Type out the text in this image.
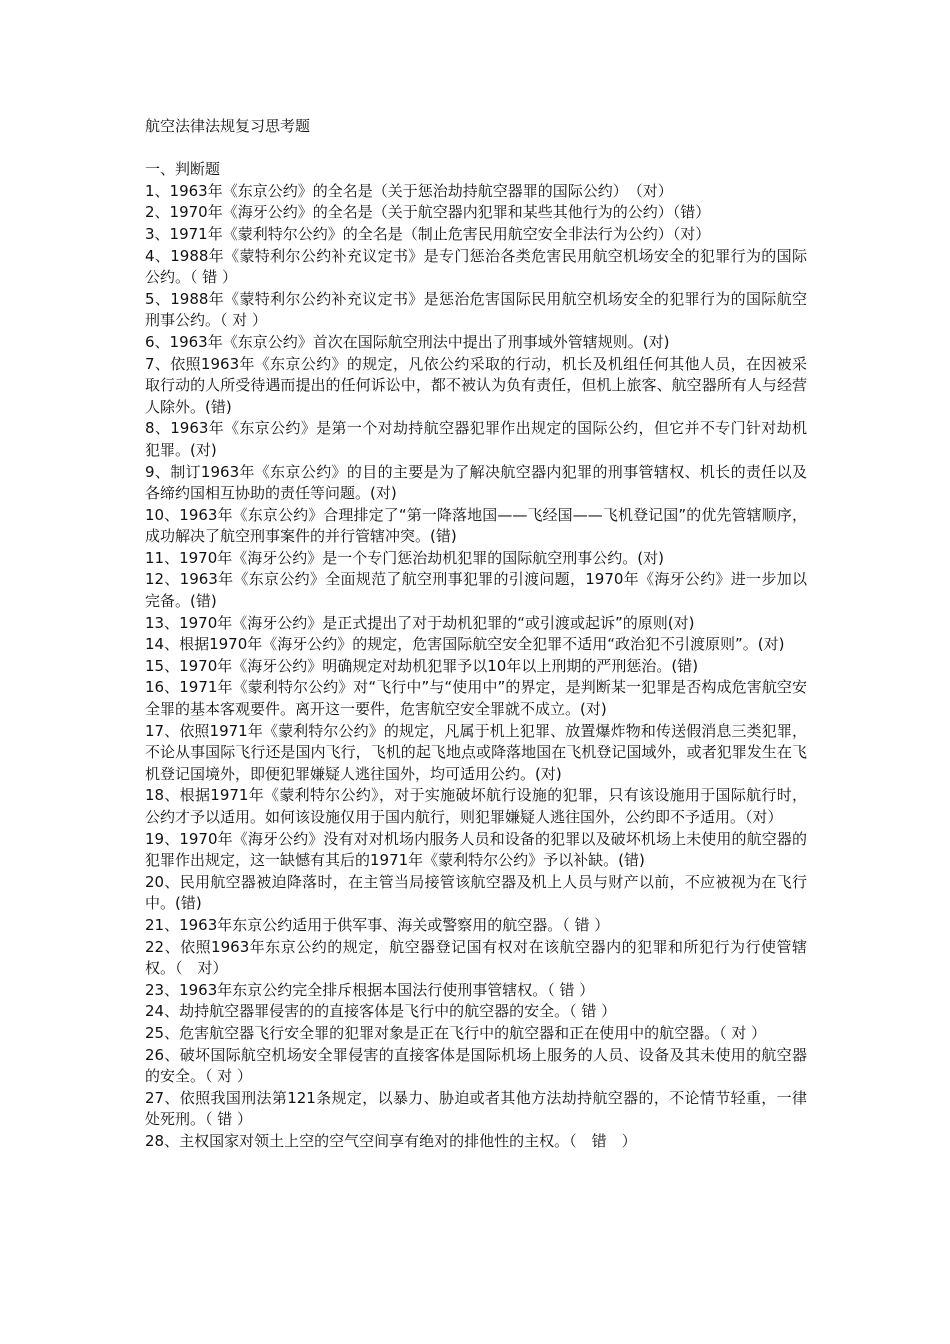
航空法律法规复习思考题
一、判断题
1、1963年《东京公约》的全名是（关于惩治劫持航空器罪的国际公约）　（对）
2、1970年《海牙公约》的全名是（关于航空器内犯罪和某些其他行为的公约）（错）
3、1971年《蒙利特尔公约》的全名是（制止危害民用航空安全非法行为公约）（对）
4、1988年《蒙特利尔公约补充议定书》是专门惩治各类危害民用航空机场安全的犯罪行为的国际公约。（ 错 ）
5、1988年《蒙特利尔公约补充议定书》是惩治危害国际民用航空机场安全的犯罪行为的国际航空刑事公约。（ 对 ）
6、1963年《东京公约》首次在国际航空刑法中提出了刑事域外管辖规则。(对)
7、依照1963年《东京公约》的规定，凡依公约采取的行动，机长及机组任何其他人员，在因被采取行动的人所受待遇而提出的任何诉讼中，都不被认为负有责任，但机上旅客、航空器所有人与经营人除外。(错)
8、1963年《东京公约》是第一个对劫持航空器犯罪作出规定的国际公约，但它并不专门针对劫机犯罪。(对)
9、制订1963年《东京公约》的目的主要是为了解决航空器内犯罪的刑事管辖权、机长的责任以及各缔约国相互协助的责任等问题。(对)
10、1963年《东京公约》合理排定了“第一降落地国——飞经国——飞机登记国”的优先管辖顺序，成功解决了航空刑事案件的并行管辖冲突。(错)
11、1970年《海牙公约》是一个专门惩治劫机犯罪的国际航空刑事公约。(对)
12、1963年《东京公约》全面规范了航空刑事犯罪的引渡问题，1970年《海牙公约》进一步加以完备。(错)
13、1970年《海牙公约》是正式提出了对于劫机犯罪的“或引渡或起诉”的原则(对)
14、根据1970年《海牙公约》的规定，危害国际航空安全犯罪不适用“政治犯不引渡原则”。(对)
15、1970年《海牙公约》明确规定对劫机犯罪予以10年以上刑期的严刑惩治。(错)
16、1971年《蒙利特尔公约》对“飞行中”与“使用中”的界定，是判断某一犯罪是否构成危害航空安全罪的基本客观要件。离开这一要件，危害航空安全罪就不成立。(对)
17、依照1971年《蒙利特尔公约》的规定，凡属于机上犯罪、放置爆炸物和传送假消息三类犯罪，不论从事国际飞行还是国内飞行，飞机的起飞地点或降落地国在飞机登记国域外，或者犯罪发生在飞机登记国境外，即便犯罪嫌疑人逃往国外，均可适用公约。(对)
18、根据1971年《蒙利特尔公约》，对于实施破坏航行设施的犯罪，只有该设施用于国际航行时，公约才予以适用。如何该设施仅用于国内航行，则犯罪嫌疑人逃往国外，公约即不予适用。（对）
19、1970年《海牙公约》没有对对机场内服务人员和设备的犯罪以及破坏机场上未使用的航空器的犯罪作出规定，这一缺憾有其后的1971年《蒙利特尔公约》予以补缺。(错)
20、民用航空器被迫降落时，在主管当局接管该航空器及机上人员与财产以前，不应被视为在飞行中。(错)
21、1963年东京公约适用于供军事、海关或警察用的航空器。（ 错 ）
22、依照1963年东京公约的规定，航空器登记国有权对在该航空器内的犯罪和所犯行为行使管辖权。（　对）
23、1963年东京公约完全排斥根据本国法行使刑事管辖权。（ 错 ）
24、劫持航空器罪侵害的的直接客体是飞行中的航空器的安全。（ 错 ）
25、危害航空器飞行安全罪的犯罪对象是正在飞行中的航空器和正在使用中的航空器。（ 对 ）
26、破坏国际航空机场安全罪侵害的直接客体是国际机场上服务的人员、设备及其未使用的航空器的安全。（ 对 ）
27、依照我国刑法第121条规定，以暴力、胁迫或者其他方法劫持航空器的，不论情节轻重，一律处死刑。（ 错 ）
28、主权国家对领土上空的空气空间享有绝对的排他性的主权。（　错　）
